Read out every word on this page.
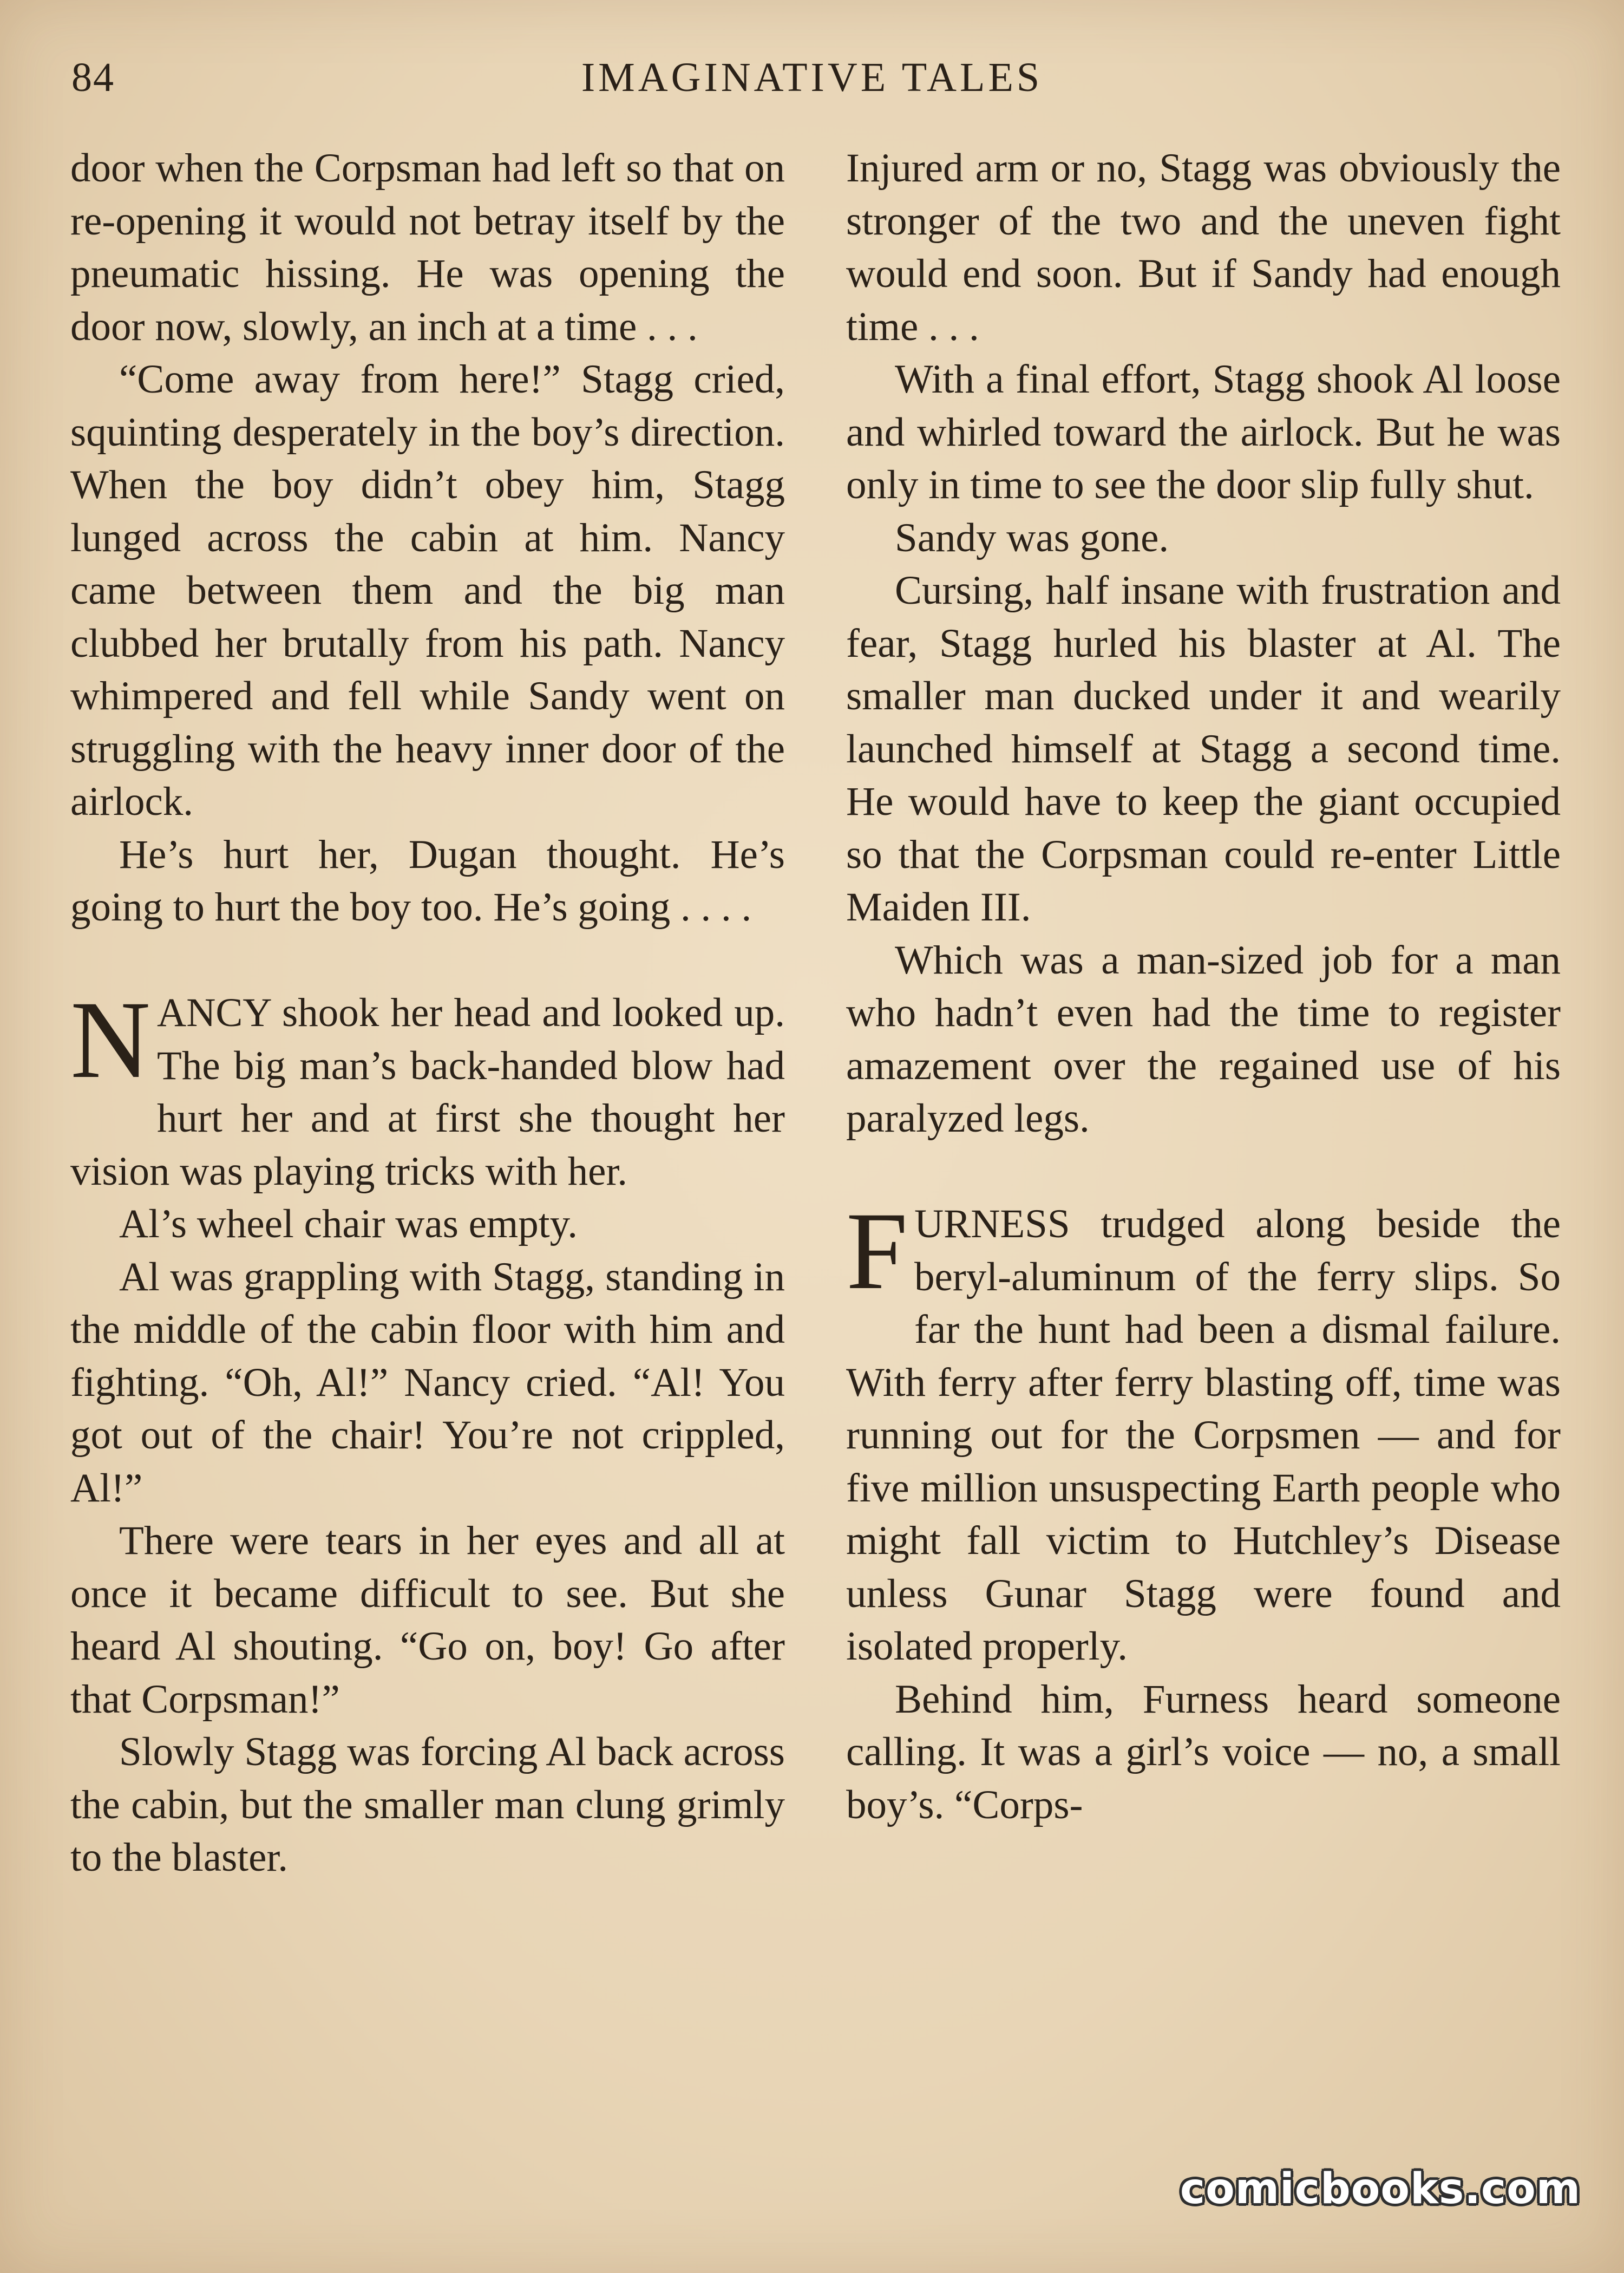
84	IMAGINATIVE TALES

door when the Corpsman had left so that on re-opening it would not betray itself by the pneumatic hissing. He was opening the door now, slowly, an inch at a time . . .

“Come away from here!” Stagg cried, squinting desperately in the boy’s direction. When the boy didn’t obey him, Stagg lunged across the cabin at him. Nancy came between them and the big man clubbed her brutally from his path. Nancy whimpered and fell while Sandy went on struggling with the heavy inner door of the airlock.

He’s hurt her, Dugan thought. He’s going to hurt the boy too. He’s going . . . .

NANCY shook her head and looked up. The big man’s back-handed blow had hurt her and at first she thought her vision was playing tricks with her.

Al’s wheel chair was empty.

Al was grappling with Stagg, standing in the middle of the cabin floor with him and fighting. “Oh, Al!” Nancy cried. “Al! You got out of the chair! You’re not crippled, Al!”

There were tears in her eyes and all at once it became difficult to see. But she heard Al shouting. “Go on, boy! Go after that Corpsman!”

Slowly Stagg was forcing Al back across the cabin, but the smaller man clung grimly to the blaster.

Injured arm or no, Stagg was obviously the stronger of the two and the uneven fight would end soon. But if Sandy had enough time . . .

With a final effort, Stagg shook Al loose and whirled toward the airlock. But he was only in time to see the door slip fully shut.

Sandy was gone.

Cursing, half insane with frustration and fear, Stagg hurled his blaster at Al. The smaller man ducked under it and wearily launched himself at Stagg a second time. He would have to keep the giant occupied so that the Corpsman could re-enter Little Maiden III.

Which was a man-sized job for a man who hadn’t even had the time to register amazement over the regained use of his paralyzed legs.

FURNESS trudged along beside the beryl-aluminum of the ferry slips. So far the hunt had been a dismal failure. With ferry after ferry blasting off, time was running out for the Corpsmen — and for five million unsuspecting Earth people who might fall victim to Hutchley’s Disease unless Gunar Stagg were found and isolated properly.

Behind him, Furness heard someone calling. It was a girl’s voice — no, a small boy’s. “Corps-

comicbooks.com
